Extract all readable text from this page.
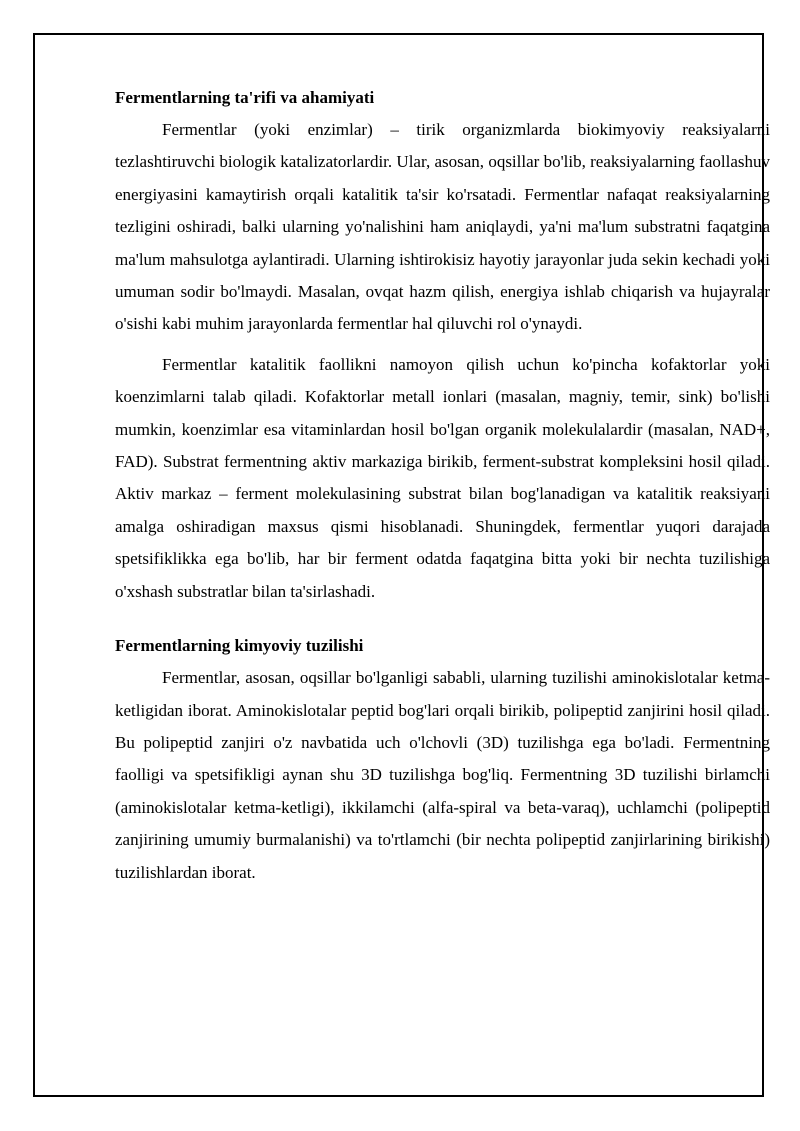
Fermentlarning ta'rifi va ahamiyati

Fermentlar (yoki enzimlar) – tirik organizmlarda biokimyoviy reaksiyalarni tezlashtiruvchi biologik katalizatorlardir. Ular, asosan, oqsillar bo'lib, reaksiyalarning faollashuv energiyasini kamaytirish orqali katalitik ta'sir ko'rsatadi. Fermentlar nafaqat reaksiyalarning tezligini oshiradi, balki ularning yo'nalishini ham aniqlaydi, ya'ni ma'lum substratni faqatgina ma'lum mahsulotga aylantiradi. Ularning ishtirokisiz hayotiy jarayonlar juda sekin kechadi yoki umuman sodir bo'lmaydi. Masalan, ovqat hazm qilish, energiya ishlab chiqarish va hujayralar o'sishi kabi muhim jarayonlarda fermentlar hal qiluvchi rol o'ynaydi.

Fermentlar katalitik faollikni namoyon qilish uchun ko'pincha kofaktorlar yoki koenzimlarni talab qiladi. Kofaktorlar metall ionlari (masalan, magniy, temir, sink) bo'lishi mumkin, koenzimlar esa vitaminlardan hosil bo'lgan organik molekulalardir (masalan, NAD+, FAD). Substrat fermentning aktiv markaziga birikib, ferment-substrat kompleksini hosil qiladi. Aktiv markaz – ferment molekulasining substrat bilan bog'lanadigan va katalitik reaksiyani amalga oshiradigan maxsus qismi hisoblanadi. Shuningdek, fermentlar yuqori darajada spetsifiklikka ega bo'lib, har bir ferment odatda faqatgina bitta yoki bir nechta tuzilishiga o'xshash substratlar bilan ta'sirlashadi.

Fermentlarning kimyoviy tuzilishi

Fermentlar, asosan, oqsillar bo'lganligi sababli, ularning tuzilishi aminokislotalar ketma-ketligidan iborat. Aminokislotalar peptid bog'lari orqali birikib, polipeptid zanjirini hosil qiladi. Bu polipeptid zanjiri o'z navbatida uch o'lchovli (3D) tuzilishga ega bo'ladi. Fermentning faolligi va spetsifikligi aynan shu 3D tuzilishga bog'liq. Fermentning 3D tuzilishi birlamchi (aminokislotalar ketma-ketligi), ikkilamchi (alfa-spiral va beta-varaq), uchlamchi (polipeptid zanjirining umumiy burmalanishi) va to'rtlamchi (bir nechta polipeptid zanjirlarining birikishi) tuzilishlardan iborat.
